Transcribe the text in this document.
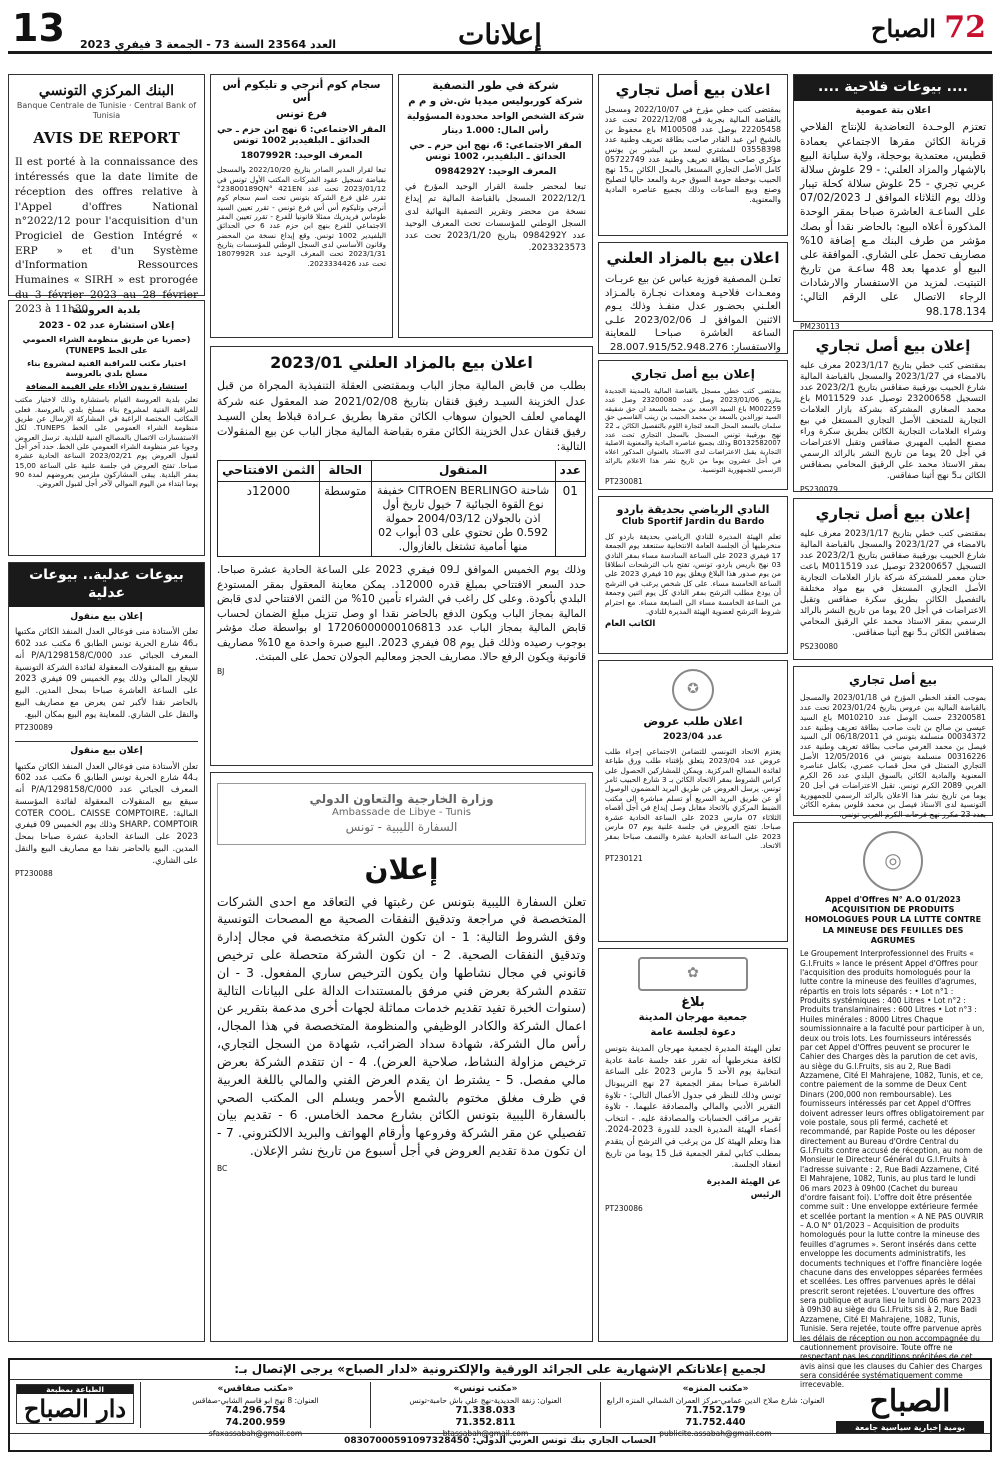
13 العدد 23564 السنة 73 - الجمعة 3 فيفري 2023	إعلانات	72 الصباح
.... بيوعات فلاحية ....
اعلان بتة عمومية
تعتزم الوحـدة التعاضدية للإنتاج الفلاحي قربانة الكائن مقرها الاجتماعي بعمادة قطيس، معتمدية بوحجلة، ولاية سليانة البيع بالإشهار والمزاد العلني: - 29 علوش سلالة عربي تجري - 25 علوش سلالة كحلة تيبار وذلك يوم الثلاثاء الموافق لـ 07/02/2023 على الساعـة العاشرة صباحا بمقر الوحدة المذكورة أعلاه البيع: بالحاضر نقدا أو بصك مؤشر من طرف البنك مـع إضافة 10% مصاريف تحمل على الشاري. الموافقة على البيع أو عدمها بعد 48 ساعـة من تاريخ التبتيت. لمزيد من الاستفسار والارشادات الرجاء الاتصال على الرقم التالي: 98.178.134
PM230113
إعلان بيع أصل تجاري
بمقتضى كتب خطي بتاريخ 2023/1/17 معرف عليه بالامضاء في 2023/1/27 والمسجل بالقباضة المالية شارع الحبيب بورقيبة صفاقس بتاريخ 2023/2/1 عدد التسجيل 23200658 توصيل عدد M011529 باع محمد الصغاري المشتركة بشركة بازار العلامات التجارية للمتحف الأصل التجاري المستغل في بيع وشراء العلامات التجارية الكائن بطريق سكرة وراء مصنع الطيب المهيري صفاقس وتقبل الاعتراضات في أجل 20 يوما من تاريخ النشر بالرائد الرسمي بمقر الاستاذ محمد علي الرقيق المحامي بصفاقس الكائن بـ5 نهج أثينا صفاقس.
PS230079
إعلان بيع أصل تجاري
بمقتضى كتب خطي بتاريخ 2023/1/17 معرف عليه بالامضاء في 2023/1/27 والمسجل بالقباضة المالية شارع الحبيب بورقيبة صفاقس بتاريخ 2023/2/1 عدد التسجيل 23200657 توصيل عدد M011519 باعت حنان معمر للمشتركة شركة بازار العلامات التجارية الأصل التجاري المستغل في بيع مواد مختلفة بالتفصيل الكائن بطريق سكرة صفاقس وتقبل الاعتراضات في أجل 20 يوما من تاريخ النشر بالرائد الرسمي بمقر الاستاذ محمد علي الرقيق المحامي بصفاقس الكائن بـ5 نهج أثينا صفاقس.
PS230080
بيع أصل تجاري
بموجب العقد الخطي المؤرخ في 2023/01/18 والمسجل بالقباضة المالية ببن عروس بتاريخ 2023/01/24 تحت عدد 23200581 حسب الوصل عدد M010210 باع السيد عيسى بن صالح بن ثابت صاحب بطاقة تعريف وطنية عدد 00034372 منسلمة بتونس في 06/18/2011 الى السيد فيصل بن محمد الغرمي صاحب بطاقة تعريف وطنية عدد 00316226 منسلمة بتونس في 12/05/2016 الأصل التجاري المتمثل في محل قصاب عصري، بكامل عناصره المعنوية والمادية الكائن بالسوق البلدي عدد 26 الكرم الغربي 2089 الكرم تونس. تقبل الاعتراضات في أجل 20 يوما من تاريخ نشر هذا الاعلان بالرائد الرسمي للجمهورية التونسية لدى الاستاذ فيصل بن محمد قلوس بمقره الكائن بعدد 23 مكرر نهج فرحات الكرم الغربي تونس.
◎
Appel d'Offres N° A.O 01/2023 ACQUISITION DE PRODUITS HOMOLOGUES POUR LA LUTTE CONTRE LA MINEUSE DES FEUILLES DES AGRUMES
Le Groupement Interprofessionnel des Fruits « G.I.Fruits » lance le présent Appel d'Offres pour l'acquisition des produits homologués pour la lutte contre la mineuse des feuilles d'agrumes, répartis en trois lots séparés : • Lot n°1 : Produits systémiques : 400 Litres • Lot n°2 : Produits translaminaires : 600 Litres • Lot n°3 : Huiles minérales : 8000 Litres Chaque soumissionnaire a la faculté pour participer à un, deux ou trois lots. Les fournisseurs intéressés par cet Appel d'Offres peuvent se procurer le Cahier des Charges dès la parution de cet avis, au siège du G.I.Fruits, sis au 2, Rue Badi Azzamene, Cité El Mahrajene, 1082, Tunis, et ce, contre paiement de la somme de Deux Cent Dinars (200,000 non remboursable). Les fournisseurs intéressés par cet Appel d'Offres doivent adresser leurs offres obligatoirement par voie postale, sous pli fermé, cacheté et recommandé, par Rapide Poste ou les déposer directement au Bureau d'Ordre Central du G.I.Fruits contre accusé de réception, au nom de Monsieur le Directeur Général du G.I.Fruits à l'adresse suivante : 2, Rue Badi Azzamene, Cité El Mahrajene, 1082, Tunis, au plus tard le lundi 06 mars 2023 à 09h00 (Cachet du bureau d'ordre faisant foi). L'offre doit être présentée comme suit : Une enveloppe extérieure fermée et scellée portant la mention « A NE PAS OUVRIR – A.O N° 01/2023 – Acquisition de produits homologués pour la lutte contre la mineuse des feuilles d'agrumes ». Seront insérés dans cette enveloppe les documents administratifs, les documents techniques et l'offre financière logée chacune dans des enveloppes séparées fermées et scellées. Les offres parvenues après le délai prescrit seront rejetées. L'ouverture des offres sera publique et aura lieu le lundi 06 mars 2023 à 09h30 au siège du G.I.Fruits sis à 2, Rue Badi Azzamene, Cité El Mahrajene, 1082, Tunis, Tunisie. Sera rejetée, toute offre parvenue après les délais de réception ou non accompagnée du cautionnement provisoire. Toute offre ne respectant pas les conditions précitées de cet avis ainsi que les clauses du Cahier des Charges sera considérée systématiquement comme irrecevable.
اعلان بيع أصل تجاري
بمقتضى كتب خطي مؤرخ في 2022/10/07 ومسجل بالقباضة المالية بجربة في 2022/12/08 تحت عدد 22205458 بوصل عدد M100508 باع محفوظ بن بالشيخ ابن عبد القادر صاحب بطاقة تعريف وطنية عدد 03558398 للمشتري لسعد بن البشير بن يونس مؤكري صاحب بطاقة تعريف وطنية عدد 05722749 كامل الأصل التجاري المستغل بالمحل الكائن بـ15 نهج الحبيب بوخطة حومة السوق جربة والمعد حاليا لتصليح وصنع وبيع الساعات وذلك بجميع عناصره المادية والمعنوية.
اعلان بيع بالمزاد العلني
تعلـن المصفية فوزية عباس عن بيع عربـات ومعـدات فلاحيـة ومعدات نجـارة بالمـزاد العلـني بحضـور عدل منفـذ وذلك يـوم الاثنين الموافق لـ 2023/02/06 علـى الساعة العاشرة صباحـا للمعاينة والاستفسار: 28.007.915/52.948.276
إعلان بيع أصل تجاري
بمقتضى كتب خطي مسجل بالقباضة المالية بالمدينة الجديدة بتاريخ 2023/01/06 وصل عدد 23200080 وصل عدد M002259 باع السيد الاسعد بن محمد بالسعد ان حق شقيقه السيد نورالدين بالسعد بن محمد الحبيب بن زينب القاسمي حق سلمان بالسعد المحل المعد لتجارة اللوم بالتفصيل الكائن بـ 22 نهج بورقيبة تونس المسجل بالسجل التجاري تحت عدد B0132582007 وذلك بجميع عناصره المادية والمعنوية الاصلية التجارية يقبل الاعتراضات لدى الاستاذ بالعنوان المذكور اعلاه في أجل عشرون يوما من تاريخ نشر هذا الاعلام بالرائد الرسمي للجمهورية التونسية.
PT230081
النادي الرياضي بحديقة باردو
Club Sportif Jardin du Bardo
تعلم الهيئة المديرة للنادي الرياضي بحديقة باردو كل منخرطيها أن الجلسة العامة الانتخابية ستنعقد يوم الجمعة 17 فيفري 2023 على الساعة السادسة مساء بمقر النادي 03 نهج باريس باردو، تونس، تفتح باب الترشحات انطلاقا من يوم صدور هذا البلاغ ويغلق يوم 10 فيفري 2023 على الساعة الخامسة مساء. على كل شخص يرغب في الترشح أن يودع مطلب الترشح بمقر النادي كل يوم اثنين وجمعة من الساعة الخامسة مساء الى السابعة مساء. مع احترام شروط الترشح لعضوية الهيئة المديرة للنادي.
الكاتب العام
✪
اعلان طلب عروض
عدد 2023/04
يعتزم الاتحاد التونسي للتضامن الاجتماعي إجراء طلب عروض عدد 2023/04 يتعلق بإقتناء طلب ورق طباعة لفائدة المصالح المركزية. ويمكن للمشاركين الحصول على كراس الشروط بمقر الاتحاد الكائن بـ 3 شارع الحبيب ثامر تونس. يرسل العروض عن طريق البريد المضمون الوصول أو عن طريق البريد السريع أو تسلم مباشرة إلى مكتب الضبط المركزي بالاتحاد مقابل وصل إيداع في أجل أقصاه الثلاثاء 07 مارس 2023 على الساعة الحادية عشرة صباحا. تفتح العروض في جلسة علنية يوم 07 مارس 2023 على الساعة الحادية عشرة والنصف صباحا بمقر الاتحاد.
PT230121
✿
بلاغ
جمعية مهرجان المدينة
دعوة لجلسة عامة
تعلن الهيئة المديرة لجمعية مهرجان المدينة بتونس لكافة منخرطيها أنه تقرر عقد جلسة عامة عادية انتخابية يوم الأحد 5 مارس 2023 على الساعة العاشرة صباحا بمقر الجمعية 27 نهج التريبونال تونس وذلك للنظر في جدول الأعمال التالي: - تلاوة التقرير الأدبي والمالي والمصادقة عليهما. - تلاوة تقرير مراقب الحسابات والمصادقة عليه. - انتخاب أعضاء الهيئة المديرة الجدد للدورة 2023-2024. هذا وتعلم الهيئة كل من يرغب في الترشح أن يتقدم بمطلب كتابي لمقر الجمعية قبل 15 يوما من تاريخ انعقاد الجلسة.
عن الهيئة المديرة
الرئيس
PT230086
شركة في طور التصفية
شركة كوربوليس ميديا ش.ش و م م
شركة الشخص الواحد محدودة المسؤولية
رأس المال: 1.000 دينار
المقر الاجتماعي: 6، نهج ابن حزم ـ حي الحدائق ـ البلفيدير، 1002 تونس
المعرف الوحيد: 0984292Y
تبعا لمحضر جلسة القرار الوحيد المؤرخ في 2022/12/1 المسجل بالقباضة المالية تم إيداع نسخة من محضر وتقرير التصفية النهائية لدى السجل الوطني للمؤسسات تحت المعرف الوحيد عدد 0984292Y بتاريخ 2023/1/20 تحت عدد 2023323573.
سجام كوم أنرجي و تليكوم أس أس
فرع تونس
المقر الاجتماعي: 6 نهج ابن حزم ـ حي الحدائق ـ البلفيدير 1002 تونس
المعرف الوحيد: 1807992R
تبعا لقرار المدير الصادر بتاريخ 2022/10/20 والمسجل بقباضة تسجيل عقود الشركات المكتب الأول تونس في 2023/01/12 تحت عدد 23800189QN° 421EN° تقرر غلق فرع الشركة بتونس تحت اسم سجام كوم أنرجي وتليكوم أس أس فرع تونس - تقرر تعيين السيد طوماس فريدريك ممثلا قانونيا للفرع - تقرر تعيين المقر الاجتماعي للفرع بنهج ابن حزم عدد 6 حي الحدائق البلفيدير 1002 تونس. وقع إيداع نسخة من المحضر وقانون الأساسي لدى السجل الوطني للمؤسسات بتاريخ 2023/1/31 تحت المعرف الوحيد عدد 1807992R تحت عدد 2023334426.
البنك المركزي التونسي
Banque Centrale de Tunisie · Central Bank of Tunisia
AVIS DE REPORT
Il est porté à la connaissance des intéressés que la date limite de réception des offres relative à l'Appel d'offres National n°2022/12 pour l'acquisition d'un Progiciel de Gestion Intégré « ERP » et d'un Système d'Information Ressources Humaines « SIRH » est prorogée du 3 février 2023 au 28 février 2023 à 11h30.
بلدية العروسة
إعلان استشارة عدد 02 - 2023
(حصريا عن طريق منظومة الشراء العمومي على الخط TUNEPS)
اختيار مكتب للمراقبة الفنية لمشروع بناء مسلخ بلدي بالعروسة
استشارة بدون الأداء على القيمة المضافة
تعلن بلدية العروسة القيام باستشارة وذلك لاختيار مكتب للمراقبة الفنية لمشروع بناء مسلخ بلدي بالعروسة. فعلى المكاتب المختصة الراغبة في المشاركة الإرسال عن طريق منظومة الشراء العمومي على الخط TUNEPS. لكل الاستفسارات الاتصال بالمصالح الفنية للبلدية. ترسل العروض وجوبا عبر منظومة الشراء العمومي على الخط. حدد آخر أجل لقبول العروض يوم 2023/02/21 الساعة الحادية عشرة صباحا. تفتح العروض في جلسة علنية على الساعة 15,00 بمقر البلدية. يبقى المشاركون ملزمين بعروضهم لمدة 90 يوما ابتداء من اليوم الموالي لآخر أجل لقبول العروض.
بيوعات عدلية.. بيوعات عدلية
إعلان بيع منقول
تعلن الأستاذة منى فوعالي العدل المنفذ الكائن مكتبها بـ46 شارع الحرية تونس الطابق 6 مكتب عدد 602 المعرف الجبائي عدد P/A/1298158/C/000 أنه سيقع بيع المنقولات المعقولة لفائدة الشركة التونسية للإيجار المالي وذلك يوم الخميس 09 فيفري 2023 على الساعة العاشرة صباحا بمحل المدين. البيع بالحاضر نقدا لأكبر ثمن يعرض مع مصاريف البيع والنقل على الشاري. للمعاينة يوم البيع بمكان البيع.
PT230089
إعلان بيع منقول
تعلن الأستاذة منى فوعالي العدل المنفذ الكائن مكتبها بـ44 شارع الحرية تونس الطابق 6 مكتب عدد 602 المعرف الجبائي عدد P/A/1298158/C/000 أنه سيقع بيع المنقولات المعقولة لفائدة المؤسسة المالية: COTER COOL، CAISSE COMPTOIRE، SHARP، COMPTOIR وذلك يوم الخميس 09 فيفري 2023 على الساعة الحادية عشرة صباحا بمحل المدين. البيع بالحاضر نقدا مع مصاريف البيع والنقل على الشاري.
PT230088
اعلان بيع بالمزاد العلني 2023/01
بطلب من قابض المالية مجاز الباب وبمقتضى العقلة التنفيذية المجراة من قبل عدل الخزينة السيـد رفيق قنقان بتاريخ 2021/02/08 ضد المعقول عنه شركة الهمامي لعلف الحيوان سوهاب الكائن مقرها بطريق عـرادة قبلاط يعلن السيـد رفيق قنقان عدل الخزينة الكائن مقره بقباضة المالية مجاز الباب عن بيع المنقولات التالية:
عدد	المنقول	الحالة	الثمن الافتتاحي
01	شاحنة CITROEN BERLINGO خفيفة نوع القوة الجبائية 7 خيول تاريخ أول اذن بالجولان 2004/03/12 حمولة 0.592 طن تحتوي على 03 أبواب 02 منها أمامية تشتغل بالغازوال.	متوسطة	12000د
وذلك يوم الخميس الموافق لـ09 فيفري 2023 على الساعة الحادية عشرة صباحا. حدد السعر الافتتاحي بمبلغ قدره 12000د. يمكن معاينة المعقول بمقر المستودع البلدي بأكودة. وعلى كل راغب في الشراء تأمين 10% من الثمن الافتتاحي لدى قابض المالية بمجاز الباب ويكون الدفع بالحاضر نقدا او وصل تنزيل مبلغ الضمان لحساب قابض المالية بمجاز الباب عدد 17206000000106813 او بواسطة صك مؤشر بوجوب رصيده وذلك قبل يوم 08 فيفري 2023. البيع صبرة واحدة مع 10% مصاريف قانونية ويكون الرفع حالا. مصاريف الحجز ومعاليم الجولان تحمل على المبتث.
BJ
وزارة الخارجية والتعاون الدولي
Ambassade de Libye - Tunis
السفارة الليبية - تونس
إعلان
تعلن السفارة الليبية بتونس عن رغبتها في التعاقد مع احدى الشركات المتخصصة في مراجعة وتدقيق النفقات الصحية مع المصحات التونسية وفق الشروط التالية: 1 - ان تكون الشركة متخصصة في مجال إدارة وتدقيق النفقات الصحية. 2 - ان تكون الشركة متحصلة على ترخيص قانوني في مجال نشاطها وان يكون الترخيص ساري المفعول. 3 - ان تتقدم الشركة بعرض فني مرفق بالمستندات الدالة على البيانات التالية (سنوات الخبرة تفيد تقديم خدمات مماثلة لجهات أخرى مدعمة بتقرير عن اعمال الشركة والكادر الوظيفي والمنظومة المتخصصة في هذا المجال، رأس مال الشركة، شهادة سداد الضرائب، شهادة من السجل التجاري، ترخيص مزاولة النشاط، صلاحية العرض). 4 - ان تتقدم الشركة بعرض مالي مفصل. 5 - يشترط ان يقدم العرض الفني والمالي باللغة العربية في ظرف مغلق مختوم بالشمع الأحمر ويسلم الى المكتب الصحي بالسفارة الليبية بتونس الكائن بشارع محمد الخامس. 6 - تقديم بيان تفصيلي عن مقر الشركة وفروعها وأرقام الهواتف والبريد الالكتروني. 7 - ان تكون مدة تقديم العروض في أجل أسبوع من تاريخ نشر الإعلان.
BC
لجميع إعلاناتكم الإشهارية على الجرائد الورقية والإلكترونية «لدار الصباح» يرجى الإتصال بـ:
الصباح
يومية إخبارية سياسية جامعة
«مكتب المنزه»
العنوان: شارع صلاح الدين عمامي-مركز العمران الشمالي المنزه الرابع
71.752.179
71.752.440
publicite.assabah@gmail.com
«مكتب تونس»
العنوان: زنقة الحديدية-نهج علي باش حامبة-تونس
71.338.033
71.352.811
btassabah@gmail.com
«مكتب صفاقس»
العنوان: 8 نهج ابو قاسم الشابي-صفاقس
74.296.754
74.200.959
sfaxassabah@gmail.com
الطباعة بمطبعة
دار الصباح
الحساب الجاري بنك تونس العربي الدولي: 08307000591097328450
